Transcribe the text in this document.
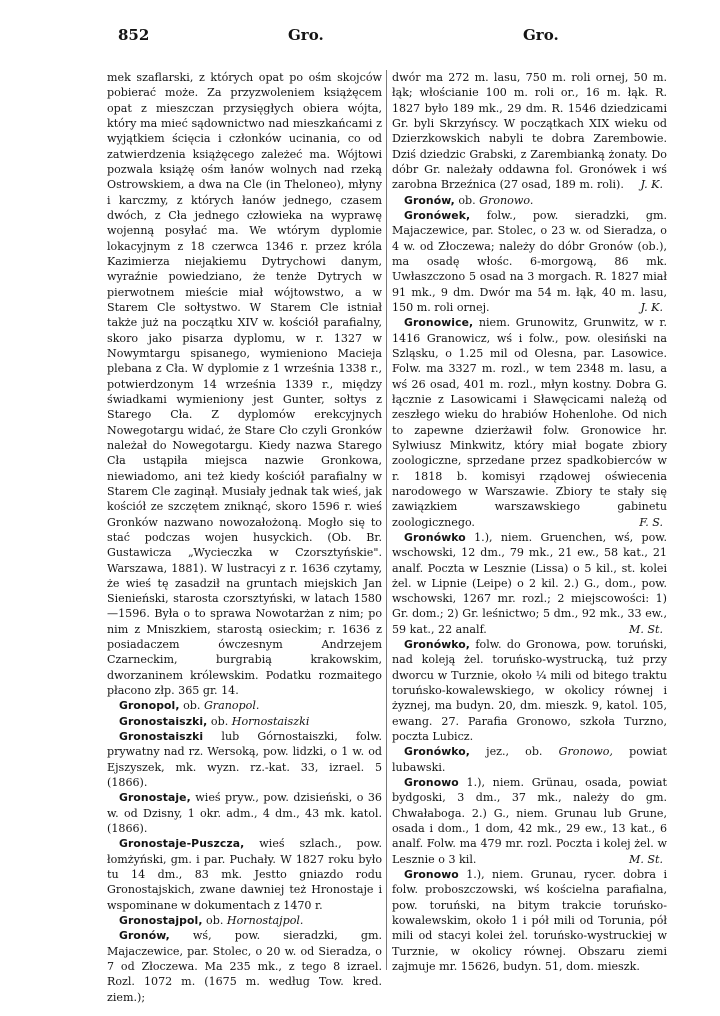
852	Gro.	Gro.

mek szaflarski, z których opat po ośm skojców pobierać może. Za przyzwoleniem książęcem opat z mieszczan przysięgłych obiera wójta, który ma mieć sądownictwo nad mieszkańcami z wyjątkiem ścięcia i członków ucinania, co od zatwierdzenia książęcego zależeć ma. Wójtowi pozwala książę ośm łanów wolnych nad rzeką Ostrowskiem, a dwa na Cle (in Theloneo), młyny i karczmy, z których łanów jednego, czasem dwóch, z Cła jednego człowieka na wyprawę wojenną posyłać ma. We wtórym dyplomie lokacyjnym z 18 czerwca 1346 r. przez króla Kazimierza niejakiemu Dytrychowi danym, wyraźnie powiedziano, że tenże Dytrych w pierwotnem mieście miał wójtowstwo, a w Starem Cle sołtystwo. W Starem Cle istniał także już na początku XIV w. kościół parafialny, skoro jako pisarza dyplomu, w r. 1327 w Nowymtargu spisanego, wymieniono Macieja plebana z Cła. W dyplomie z 1 września 1338 r., potwierdzonym 14 września 1339 r., między świadkami wymieniony jest Gunter, sołtys z Starego Cła. Z dyplomów erekcyjnych Nowegotargu widać, że Stare Cło czyli Gronków należał do Nowegotargu. Kiedy nazwa Starego Cła ustąpiła miejsca nazwie Gronkowa, niewiadomo, ani też kiedy kościół parafialny w Starem Cle zaginął. Musiały jednak tak wieś, jak kościół ze szczętem zniknąć, skoro 1596 r. wieś Gronków nazwano nowozałożoną. Mogło się to stać podczas wojen husyckich. (Ob. Br. Gustawicza „Wycieczka w Czorsztyńskie". Warszawa, 1881). W lustracyi z r. 1636 czytamy, że wieś tę zasadził na gruntach miejskich Jan Sienieński, starosta czorsztyński, w latach 1580—1596. Była o to sprawa Nowotarżan z nim; po nim z Mniszkiem, starostą osieckim; r. 1636 z posiadaczem ówczesnym Andrzejem Czarneckim, burgrabią krakowskim, dworzaninem królewskim. Podatku rozmaitego płacono złp. 365 gr. 14.

Gronopol, ob. Granopol.

Gronostaiszki, ob. Hornostaiszki

Gronostaiszki lub Górnostaiszki, folw. prywatny nad rz. Wersoką, pow. lidzki, o 1 w. od Ejszyszek, mk. wyzn. rz.-kat. 33, izrael. 5 (1866).

Gronostaje, wieś pryw., pow. dzisieński, o 36 w. od Dzisny, 1 okr. adm., 4 dm., 43 mk. katol. (1866).

Gronostaje-Puszcza, wieś szlach., pow. łomżyński, gm. i par. Puchały. W 1827 roku było tu 14 dm., 83 mk. Jestto gniazdo rodu Gronostajskich, zwane dawniej też Hronostaje i wspominane w dokumentach z 1470 r.

Gronostajpol, ob. Hornostajpol.

Gronów, wś, pow. sieradzki, gm. Majaczewice, par. Stolec, o 20 w. od Sieradza, o 7 od Złoczewa. Ma 235 mk., z tego 8 izrael. Rozl. 1072 m. (1675 m. według Tow. kred. ziem.);

dwór ma 272 m. lasu, 750 m. roli ornej, 50 m. łąk; włościanie 100 m. roli or., 16 m. łąk. R. 1827 było 189 mk., 29 dm. R. 1546 dziedzicami Gr. byli Skrzyńscy. W początkach XIX wieku od Dzierzkowskich nabyli te dobra Zarembowie. Dziś dziedzic Grabski, z Zarembianką żonaty. Do dóbr Gr. należały oddawna fol. Gronówek i wś zarobna Brzeźnica (27 osad, 189 m. roli). J. K.

Gronów, ob. Gronowo.

Gronówek, folw., pow. sieradzki, gm. Majaczewice, par. Stolec, o 23 w. od Sieradza, o 4 w. od Złoczewa; należy do dóbr Gronów (ob.), ma osadę włośc. 6-morgową, 86 mk. Uwłaszczono 5 osad na 3 morgach. R. 1827 miał 91 mk., 9 dm. Dwór ma 54 m. łąk, 40 m. lasu, 150 m. roli ornej.	J. K.

Gronowice, niem. Grunowitz, Grunwitz, w r. 1416 Granowicz, wś i folw., pow. olesiński na Szląsku, o 1.25 mil od Olesna, par. Lasowice. Folw. ma 3327 m. rozl., w tem 2348 m. lasu, a wś 26 osad, 401 m. rozl., młyn kostny. Dobra G. łącznie z Lasowicami i Sławęcicami należą od zeszłego wieku do hrabiów Hohenlohe. Od nich to zapewne dzierżawił folw. Gronowice hr. Sylwiusz Minkwitz, który miał bogate zbiory zoologiczne, sprzedane przez spadkobierców w r. 1818 b. komisyi rządowej oświecenia narodowego w Warszawie. Zbiory te stały się zawiązkiem warszawskiego gabinetu zoologicznego.	F. S.

Gronówko 1.), niem. Gruenchen, wś, pow. wschowski, 12 dm., 79 mk., 21 ew., 58 kat., 21 analf. Poczta w Lesznie (Lissa) o 5 kil., st. kolei żel. w Lipnie (Leipe) o 2 kil. 2.) G., dom., pow. wschowski, 1267 mr. rozl.; 2 miejscowości: 1) Gr. dom.; 2) Gr. leśnictwo; 5 dm., 92 mk., 33 ew., 59 kat., 22 analf.	M. St.

Gronówko, folw. do Gronowa, pow. toruński, nad koleją żel. toruńsko-wystrucką, tuż przy dworcu w Turznie, około ¼ mili od bitego traktu toruńsko-kowalewskiego, w okolicy równej i żyznej, ma budyn. 20, dm. mieszk. 9, katol. 105, ewang. 27. Parafia Gronowo, szkoła Turzno, poczta Lubicz.

Gronówko, jez., ob. Gronowo, powiat lubawski.

Gronowo 1.), niem. Grünau, osada, powiat bydgoski, 3 dm., 37 mk., należy do gm. Chwałaboga. 2.) G., niem. Grunau lub Grune, osada i dom., 1 dom, 42 mk., 29 ew., 13 kat., 6 analf. Folw. ma 479 mr. rozl. Poczta i kolej żel. w Lesznie o 3 kil.	M. St.

Gronowo 1.), niem. Grunau, rycer. dobra i folw. proboszczowski, wś kościelna parafialna, pow. toruński, na bitym trakcie toruńsko-kowalewskim, około 1 i pół mili od Torunia, pół mili od stacyi kolei żel. toruńsko-wystruckiej w Turznie, w okolicy równej. Obszaru ziemi zajmuje mr. 15626, budyn. 51, dom. mieszk.
